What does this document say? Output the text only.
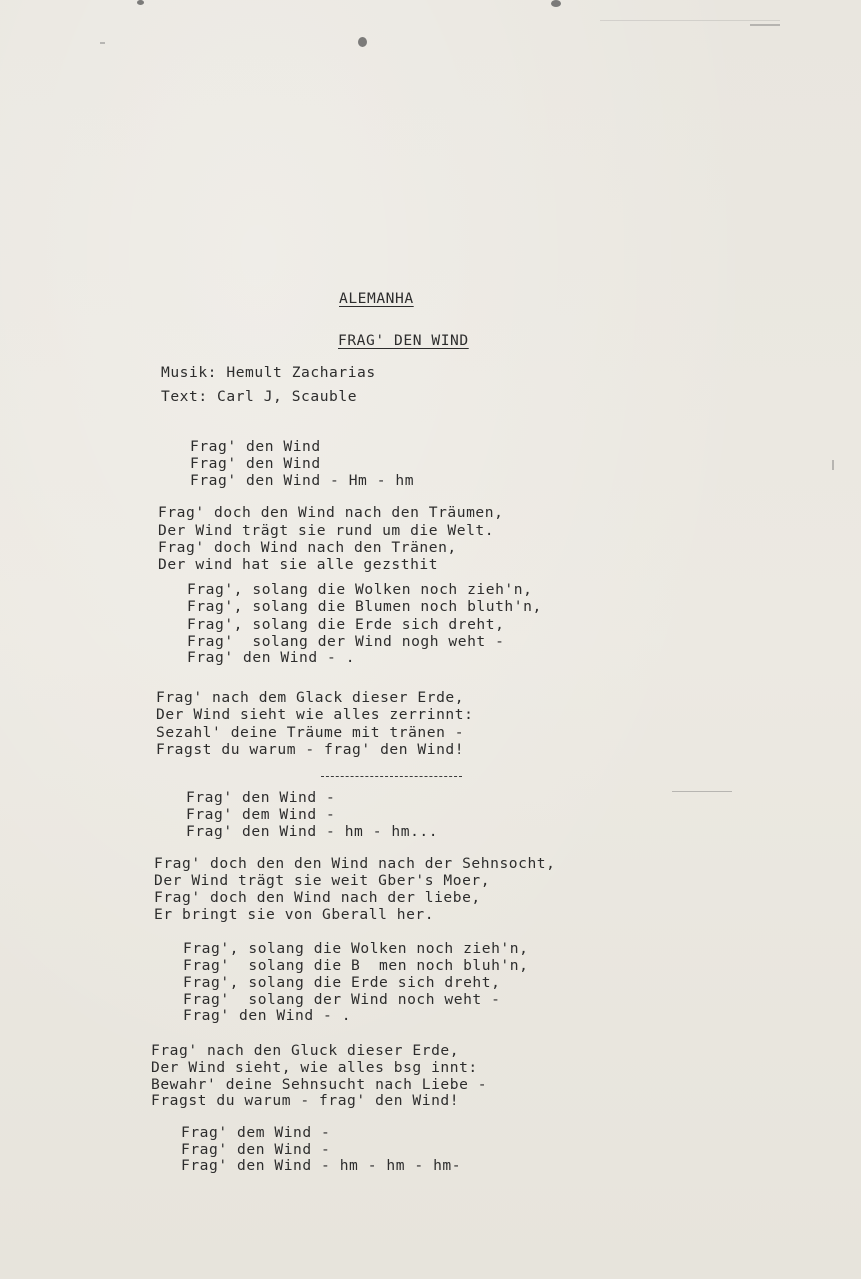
ALEMANHA
FRAG' DEN WIND
Musik: Hemult Zacharias
Text: Carl J, Scauble
Frag' den Wind
Frag' den Wind
Frag' den Wind - Hm - hm
Frag' doch den Wind nach den Träumen,
Der Wind trägt sie rund um die Welt.
Frag' doch Wind nach den Tränen,
Der wind hat sie alle gezsthit
Frag', solang die Wolken noch zieh'n,
Frag', solang die Blumen noch bluth'n,
Frag', solang die Erde sich dreht,
Frag'  solang der Wind nogh weht -
Frag' den Wind - .
Frag' nach dem Glack dieser Erde,
Der Wind sieht wie alles zerrinnt:
Sezahl' deine Träume mit tränen -
Fragst du warum - frag' den Wind!
Frag' den Wind -
Frag' dem Wind -
Frag' den Wind - hm - hm...
Frag' doch den den Wind nach der Sehnsocht,
Der Wind trägt sie weit Gber's Moer,
Frag' doch den Wind nach der liebe,
Er bringt sie von Gberall her.
Frag', solang die Wolken noch zieh'n,
Frag'  solang die B  men noch bluh'n,
Frag', solang die Erde sich dreht,
Frag'  solang der Wind noch weht -
Frag' den Wind - .
Frag' nach den Gluck dieser Erde,
Der Wind sieht, wie alles bsg innt:
Bewahr' deine Sehnsucht nach Liebe -
Fragst du warum - frag' den Wind!
Frag' dem Wind -
Frag' den Wind -
Frag' den Wind - hm - hm - hm-
